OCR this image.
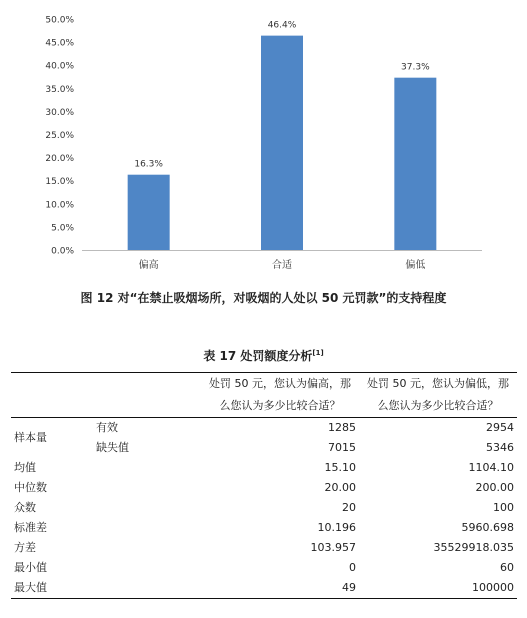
0.0%
5.0%
10.0%
15.0%
20.0%
25.0%
30.0%
35.0%
40.0%
45.0%
50.0%
16.3%
偏高
46.4%
合适
37.3%
偏低
图 12 对“在禁止吸烟场所，对吸烟的人处以 50 元罚款”的支持程度
表 17 处罚额度分析[1]
		处罚 50 元，您认为偏高，那	处罚 50 元，您认为偏低，那
		么您认为多少比较合适？	么您认为多少比较合适？
样本量	有效	1285	2954
	缺失值	7015	5346
均值		15.10	1104.10
中位数		20.00	200.00
众数		20	100
标准差		10.196	5960.698
方差		103.957	35529918.035
最小值		0	60
最大值		49	100000
